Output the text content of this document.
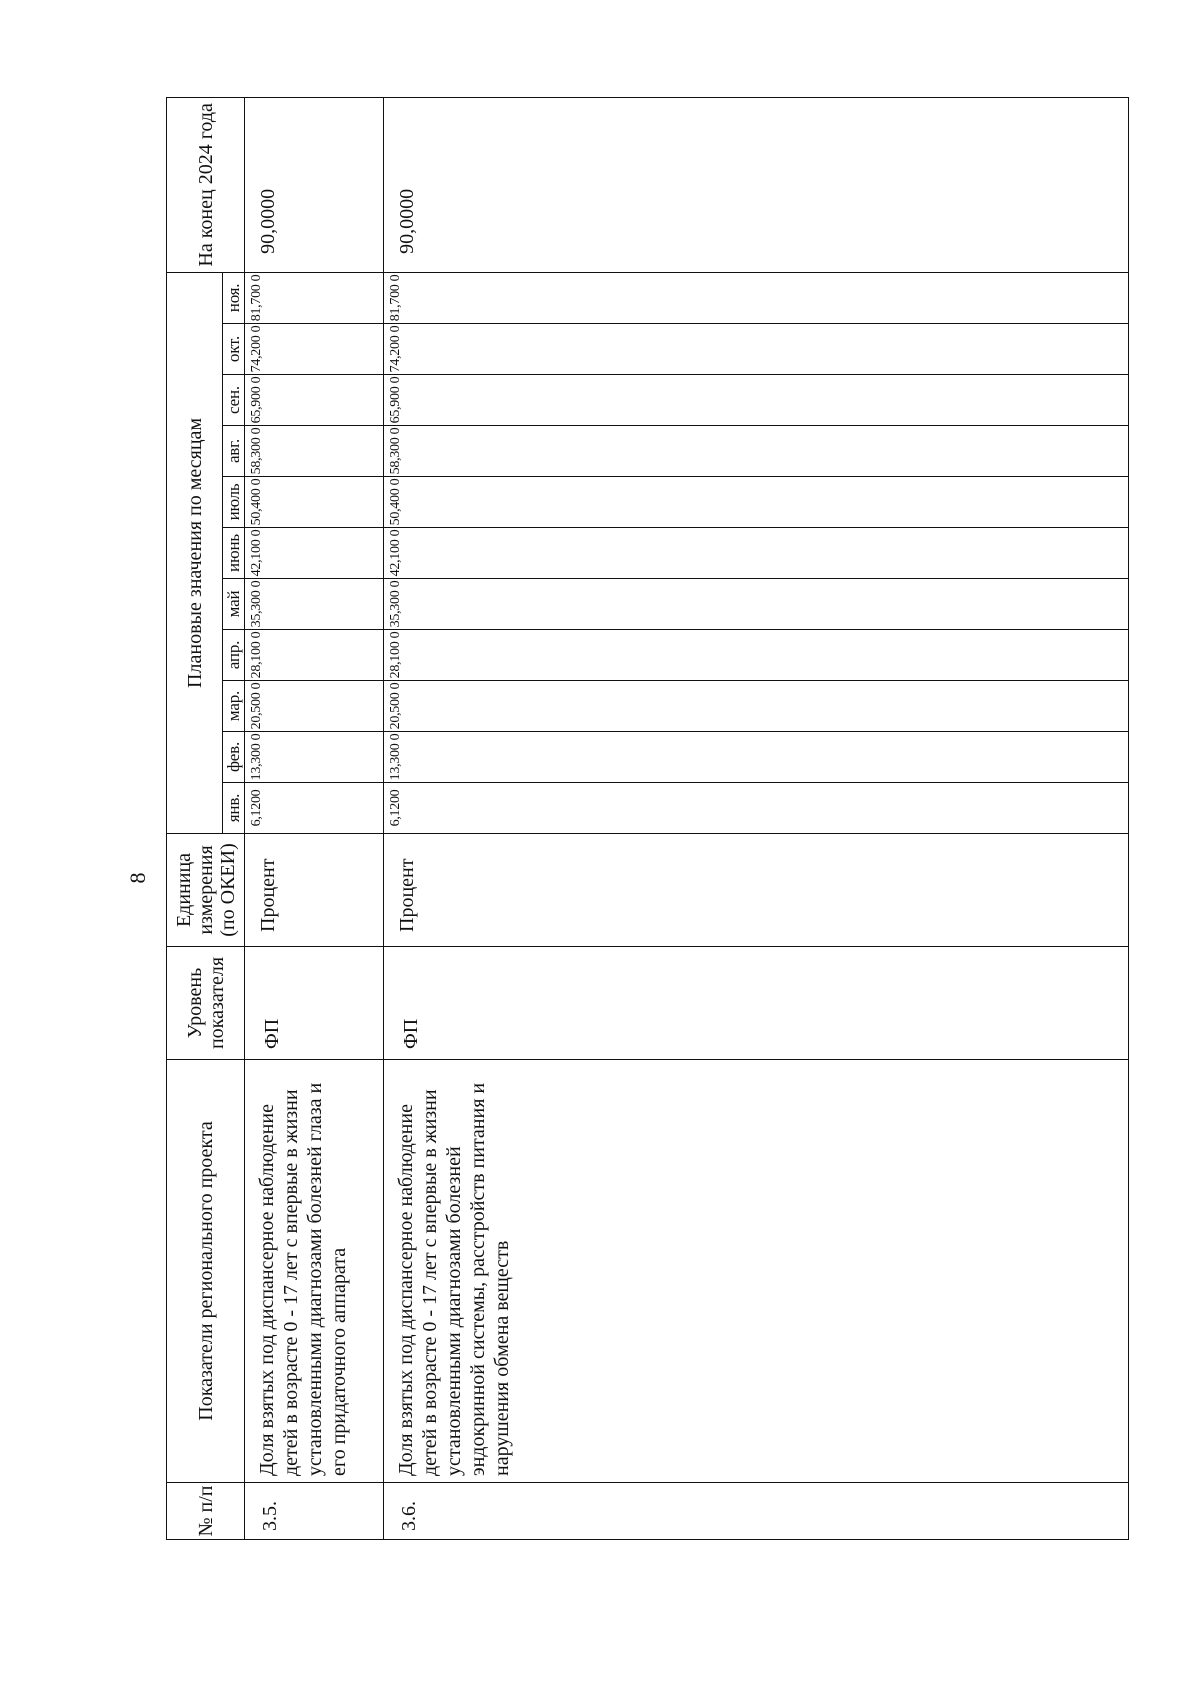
8
№ п/п	Показатели регионального проекта	Уровень показателя	Единица измерения (по ОКЕИ)	Плановые значения по месяцам											На конец 2024 года
				янв.	фев.	мар.	апр.	май	июнь	июль	авг.	сен.	окт.	ноя.	
3.5.	Доля взятых под диспансерное наблюдение детей в возрасте 0 - 17 лет с впервые в жизни установленными диагнозами болезней глаза и его придаточного аппарата	ФП	Процент	6,1200	13,300 0	20,500 0	28,100 0	35,300 0	42,100 0	50,400 0	58,300 0	65,900 0	74,200 0	81,700 0	90,0000
3.6.	Доля взятых под диспансерное наблюдение детей в возрасте 0 - 17 лет с впервые в жизни установленными диагнозами болезней эндокринной системы, расстройств питания и нарушения обмена веществ	ФП	Процент	6,1200	13,300 0	20,500 0	28,100 0	35,300 0	42,100 0	50,400 0	58,300 0	65,900 0	74,200 0	81,700 0	90,0000
